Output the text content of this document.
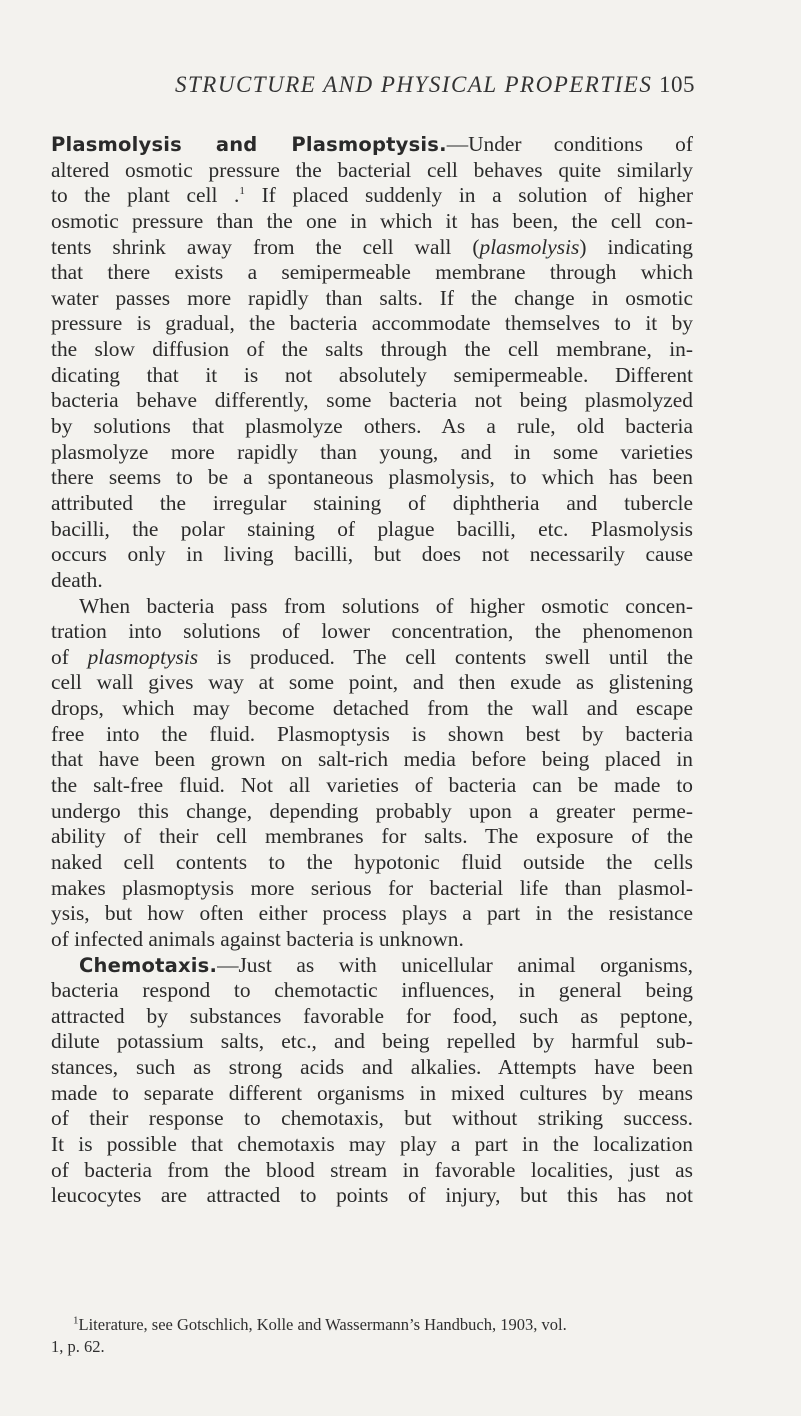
STRUCTURE AND PHYSICAL PROPERTIES 105
Plasmolysis and Plasmoptysis.—Under conditions of
altered osmotic pressure the bacterial cell behaves quite similarly
to the plant cell .$^1$ If placed suddenly in a solution of higher
osmotic pressure than the one in which it has been, the cell con-
tents shrink away from the cell wall (plasmolysis) indicating
that there exists a semipermeable membrane through which
water passes more rapidly than salts. If the change in osmotic
pressure is gradual, the bacteria accommodate themselves to it by
the slow diffusion of the salts through the cell membrane, in-
dicating that it is not absolutely semipermeable. Different
bacteria behave differently, some bacteria not being plasmolyzed
by solutions that plasmolyze others. As a rule, old bacteria
plasmolyze more rapidly than young, and in some varieties
there seems to be a spontaneous plasmolysis, to which has been
attributed the irregular staining of diphtheria and tubercle
bacilli, the polar staining of plague bacilli, etc. Plasmolysis
occurs only in living bacilli, but does not necessarily cause
death.
When bacteria pass from solutions of higher osmotic concen-
tration into solutions of lower concentration, the phenomenon
of plasmoptysis is produced. The cell contents swell until the
cell wall gives way at some point, and then exude as glistening
drops, which may become detached from the wall and escape
free into the fluid. Plasmoptysis is shown best by bacteria
that have been grown on salt-rich media before being placed in
the salt-free fluid. Not all varieties of bacteria can be made to
undergo this change, depending probably upon a greater perme-
ability of their cell membranes for salts. The exposure of the
naked cell contents to the hypotonic fluid outside the cells
makes plasmoptysis more serious for bacterial life than plasmol-
ysis, but how often either process plays a part in the resistance
of infected animals against bacteria is unknown.
Chemotaxis.—Just as with unicellular animal organisms,
bacteria respond to chemotactic influences, in general being
attracted by substances favorable for food, such as peptone,
dilute potassium salts, etc., and being repelled by harmful sub-
stances, such as strong acids and alkalies. Attempts have been
made to separate different organisms in mixed cultures by means
of their response to chemotaxis, but without striking success.
It is possible that chemotaxis may play a part in the localization
of bacteria from the blood stream in favorable localities, just as
leucocytes are attracted to points of injury, but this has not
$^1$Literature, see Gotschlich, Kolle and Wassermann’s Handbuch, 1903, vol.
1, p. 62.
